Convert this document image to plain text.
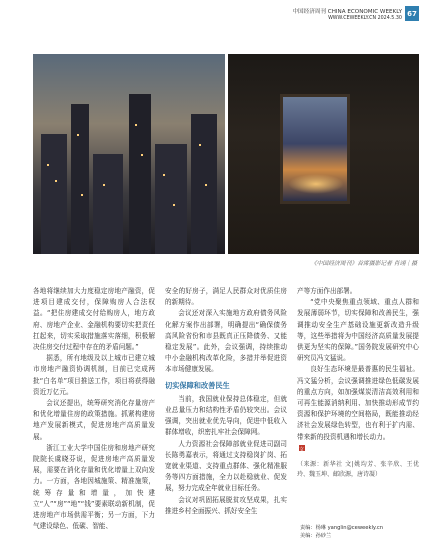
中国经济周刊 CHINA ECONOMIC WEEKLY
WWW.CEWEEKLY.CN 2024.5.30
67
《中国经济周刊》首席摄影记者 肖翊｜摄

各地将继续加大力度稳定房地产融资，促进项目建成交付，保障购房人合法权益。“把住房建成交付给购房人，地方政府、房地产企业、金融机构要切实把责任扛起来，切实采取措施落实落细，积极解决住房交付过程中存在的矛盾问题。”

据悉，所有地级及以上城市已建立城市房地产融资协调机制，目前已完成两批“白名单”项目推送工作，项目将获得融资近万亿元。

会议还提出，统筹研究消化存量房产和优化增量住房的政策措施。抓紧构建房地产发展新模式，促进房地产高质量发展。

浙江工业大学中国住房和房地产研究院院长虞晓芬说，促进房地产高质量发展，需要在消化存量和优化增量上双向发力。一方面，各地因城施策、精准施策，统筹存量和增量，加快建立“人”“房”“地”“钱”要素联动新机制，促进房地产市场供需平衡；另一方面，下力气建设绿色、低碳、智能、

安全的好房子，满足人民群众对优质住房的新期待。

会议还对深入实施地方政府债务风险化解方案作出部署，明确提出“确保债务高风险省份和市县既真正压降债务、又能稳定发展”。此外，会议强调，持续推动中小金融机构改革化险，多措并举促进资本市场健康发展。

切实保障和改善民生

当前，我国就业保持总体稳定，但就业总量压力和结构性矛盾仍较突出。会议强调，突出就业优先导向，促进中低收入群体增收，织密扎牢社会保障网。

人力资源社会保障部就业促进司副司长陈勇嘉表示，将通过支持稳岗扩岗、拓宽就业渠道、支持重点群体、强化精准服务等四方面措施，全力以赴稳就业、促发展，努力完成全年就业目标任务。

会议对巩固拓展脱贫攻坚成果，扎实推进乡村全面振兴、抓好安全生

产等方面作出部署。

“党中央聚焦重点领域、重点人群和发展薄弱环节，切实保障和改善民生，强调推动安全生产基础设施更新改造升级等，这些举措将为中国经济高质量发展提供更为坚实的保障。”国务院发展研究中心研究员冯文猛说。

良好生态环境是最普惠的民生福祉。冯文猛分析，会议强调推进绿色低碳发展的重点方向，如加强煤炭清洁高效利用和可再生能源消纳利用、加快推动形成节约资源和保护环境的空间格局，既能推动经济社会发展绿色转型，也有利于扩内需、带来新的投资机遇和增长动力。

文
（来源：新华社 文|姚均芳、张辛欣、王优玲、魏玉坤、邮欣源，唐诗凝）
责编：杨琳 yanglin@ceweekly.cn
美编：孙砂兰
